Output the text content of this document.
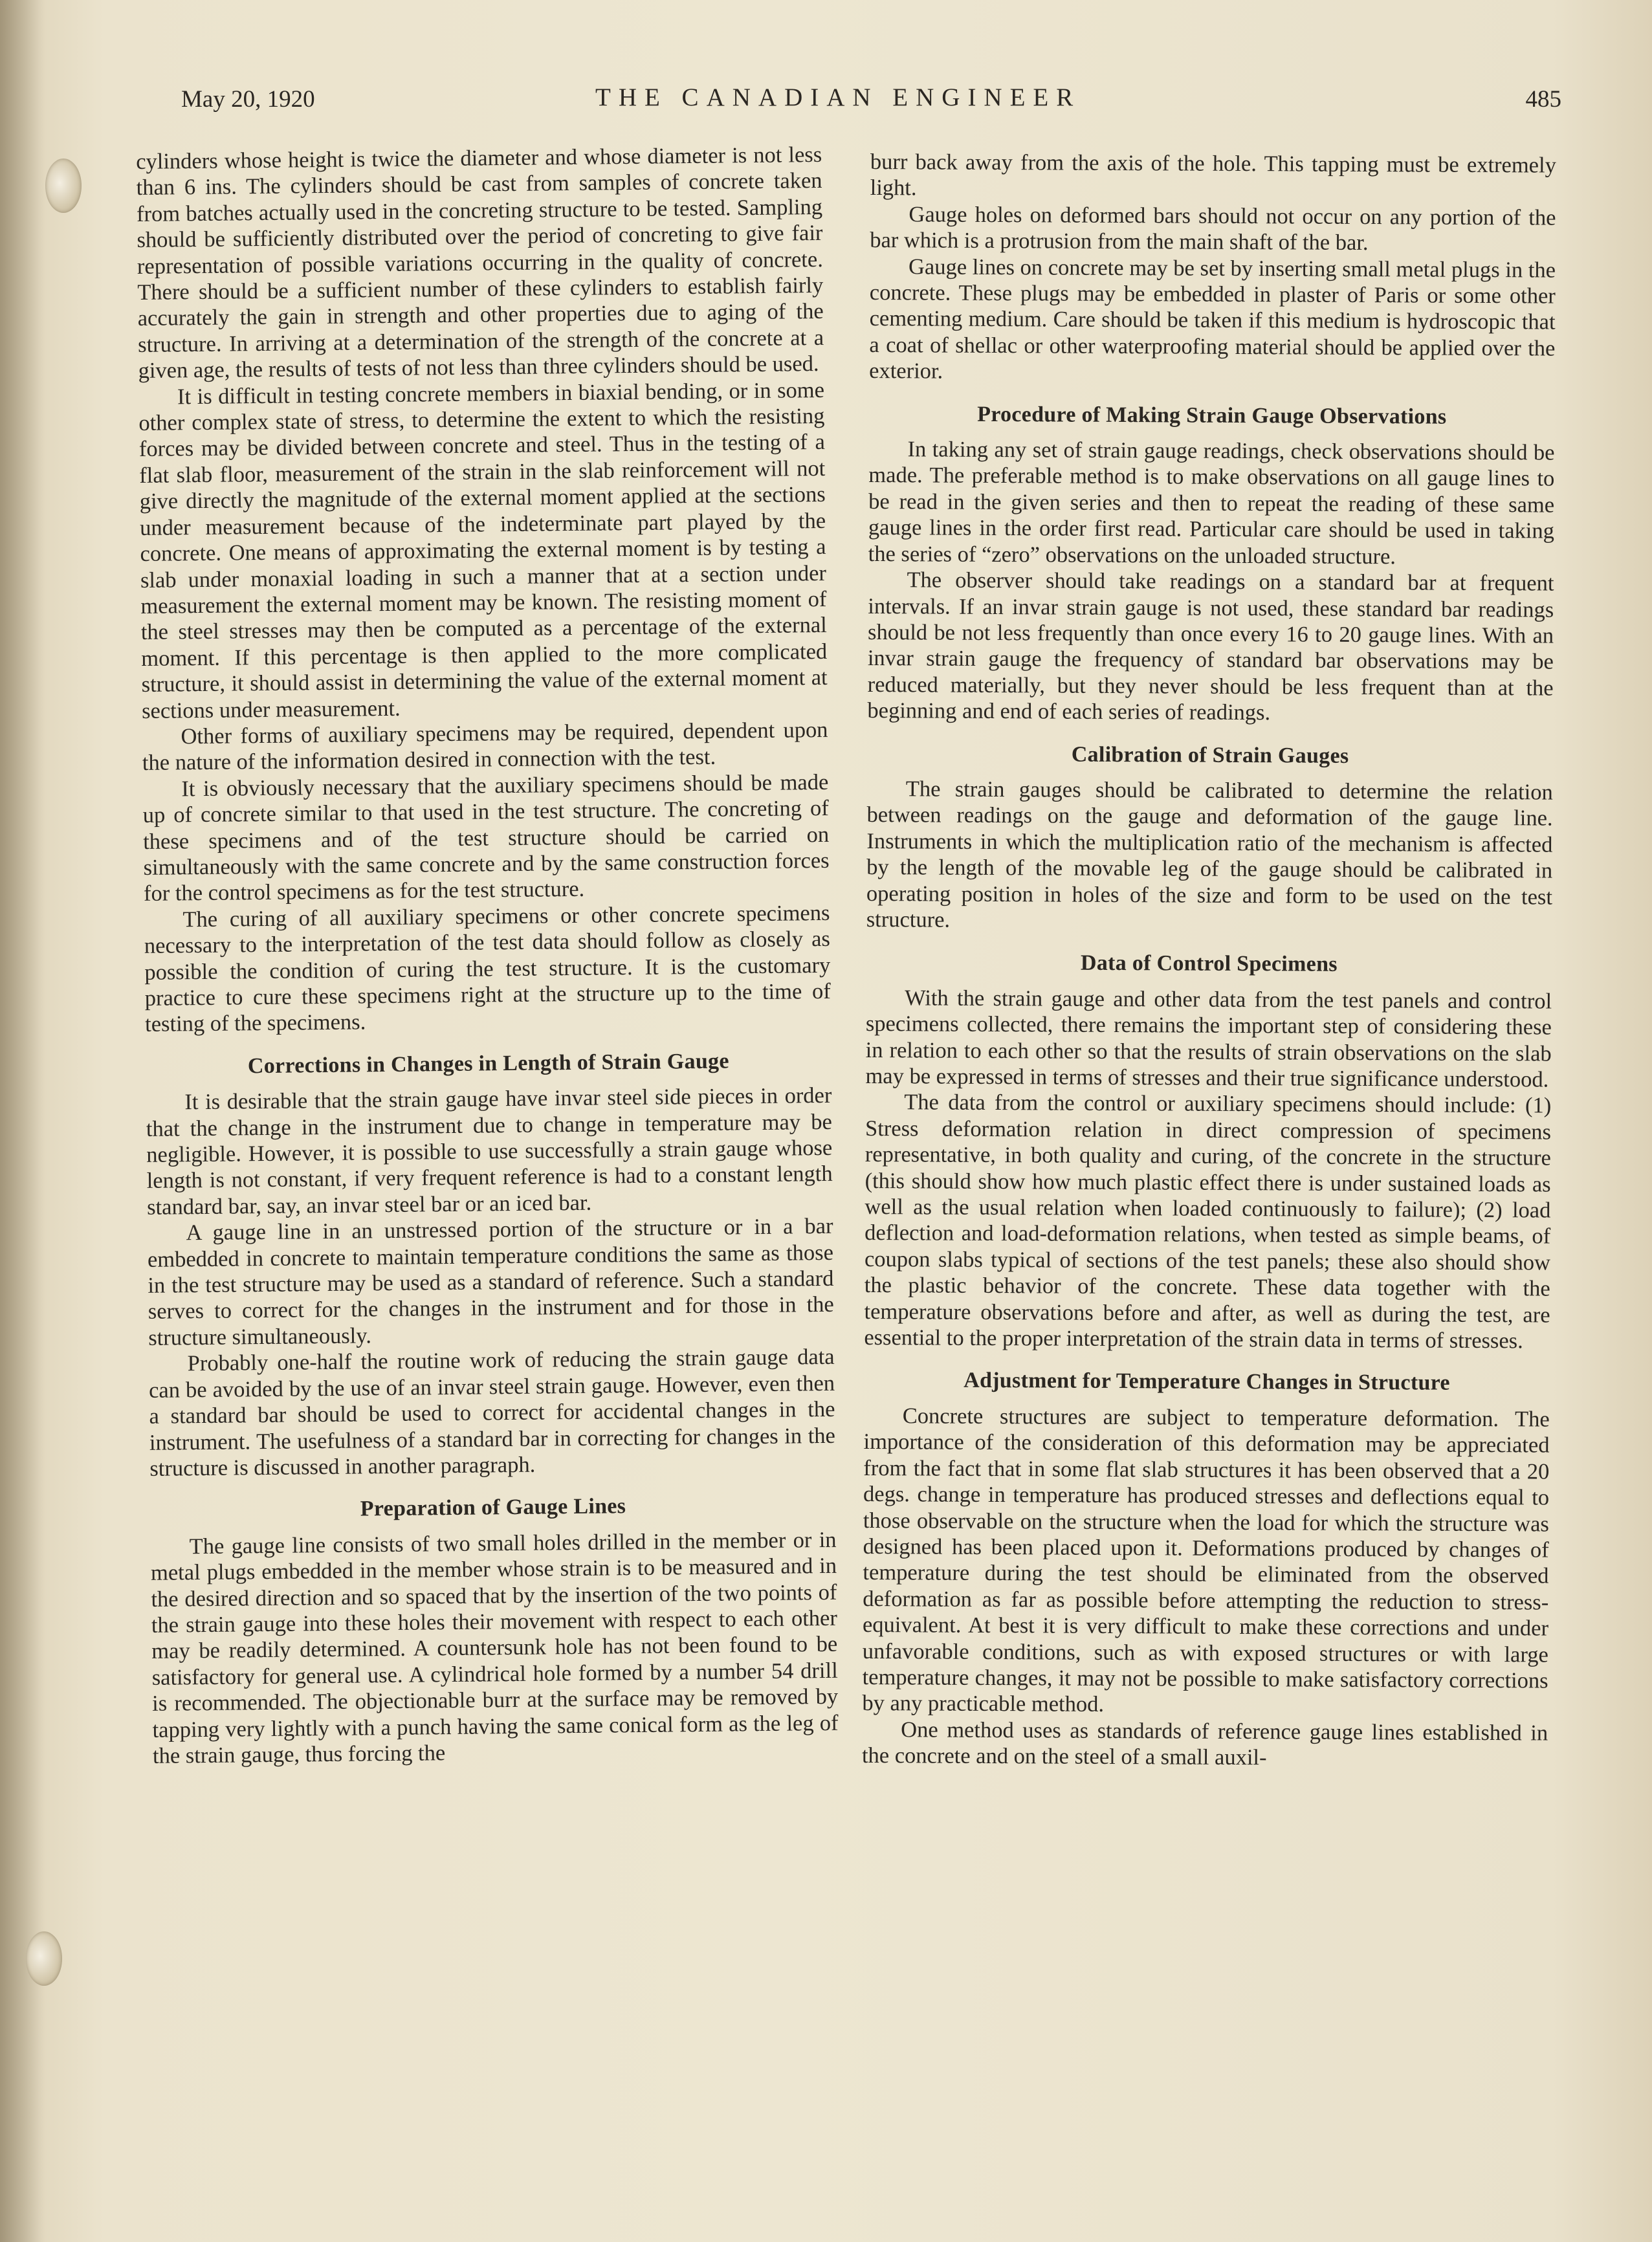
May 20, 1920	THE CANADIAN ENGINEER	485

cylinders whose height is twice the diameter and whose diameter is not less than 6 ins. The cylinders should be cast from samples of concrete taken from batches actually used in the concreting structure to be tested. Sampling should be sufficiently distributed over the period of concreting to give fair representation of possible variations occurring in the quality of concrete. There should be a sufficient number of these cylinders to establish fairly accurately the gain in strength and other properties due to aging of the structure. In arriving at a determination of the strength of the concrete at a given age, the results of tests of not less than three cylinders should be used.

It is difficult in testing concrete members in biaxial bending, or in some other complex state of stress, to determine the extent to which the resisting forces may be divided between concrete and steel. Thus in the testing of a flat slab floor, measurement of the strain in the slab reinforcement will not give directly the magnitude of the external moment applied at the sections under measurement because of the indeterminate part played by the concrete. One means of approximating the external moment is by testing a slab under monaxial loading in such a manner that at a section under measurement the external moment may be known. The resisting moment of the steel stresses may then be computed as a percentage of the external moment. If this percentage is then applied to the more complicated structure, it should assist in determining the value of the external moment at sections under measurement.

Other forms of auxiliary specimens may be required, dependent upon the nature of the information desired in connection with the test.

It is obviously necessary that the auxiliary specimens should be made up of concrete similar to that used in the test structure. The concreting of these specimens and of the test structure should be carried on simultaneously with the same concrete and by the same construction forces for the control specimens as for the test structure.

The curing of all auxiliary specimens or other concrete specimens necessary to the interpretation of the test data should follow as closely as possible the condition of curing the test structure. It is the customary practice to cure these specimens right at the structure up to the time of testing of the specimens.

Corrections in Changes in Length of Strain Gauge

It is desirable that the strain gauge have invar steel side pieces in order that the change in the instrument due to change in temperature may be negligible. However, it is possible to use successfully a strain gauge whose length is not constant, if very frequent reference is had to a constant length standard bar, say, an invar steel bar or an iced bar.

A gauge line in an unstressed portion of the structure or in a bar embedded in concrete to maintain temperature conditions the same as those in the test structure may be used as a standard of reference. Such a standard serves to correct for the changes in the instrument and for those in the structure simultaneously.

Probably one-half the routine work of reducing the strain gauge data can be avoided by the use of an invar steel strain gauge. However, even then a standard bar should be used to correct for accidental changes in the instrument. The usefulness of a standard bar in correcting for changes in the structure is discussed in another paragraph.

Preparation of Gauge Lines

The gauge line consists of two small holes drilled in the member or in metal plugs embedded in the member whose strain is to be measured and in the desired direction and so spaced that by the insertion of the two points of the strain gauge into these holes their movement with respect to each other may be readily determined. A countersunk hole has not been found to be satisfactory for general use. A cylindrical hole formed by a number 54 drill is recommended. The objectionable burr at the surface may be removed by tapping very lightly with a punch having the same conical form as the leg of the strain gauge, thus forcing the

burr back away from the axis of the hole. This tapping must be extremely light.

Gauge holes on deformed bars should not occur on any portion of the bar which is a protrusion from the main shaft of the bar.

Gauge lines on concrete may be set by inserting small metal plugs in the concrete. These plugs may be embedded in plaster of Paris or some other cementing medium. Care should be taken if this medium is hydroscopic that a coat of shellac or other waterproofing material should be applied over the exterior.

Procedure of Making Strain Gauge Observations

In taking any set of strain gauge readings, check observations should be made. The preferable method is to make observations on all gauge lines to be read in the given series and then to repeat the reading of these same gauge lines in the order first read. Particular care should be used in taking the series of “zero” observations on the unloaded structure.

The observer should take readings on a standard bar at frequent intervals. If an invar strain gauge is not used, these standard bar readings should be not less frequently than once every 16 to 20 gauge lines. With an invar strain gauge the frequency of standard bar observations may be reduced materially, but they never should be less frequent than at the beginning and end of each series of readings.

Calibration of Strain Gauges

The strain gauges should be calibrated to determine the relation between readings on the gauge and deformation of the gauge line. Instruments in which the multiplication ratio of the mechanism is affected by the length of the movable leg of the gauge should be calibrated in operating position in holes of the size and form to be used on the test structure.

Data of Control Specimens

With the strain gauge and other data from the test panels and control specimens collected, there remains the important step of considering these in relation to each other so that the results of strain observations on the slab may be expressed in terms of stresses and their true significance understood.

The data from the control or auxiliary specimens should include: (1) Stress deformation relation in direct compression of specimens representative, in both quality and curing, of the concrete in the structure (this should show how much plastic effect there is under sustained loads as well as the usual relation when loaded continuously to failure); (2) load deflection and load-deformation relations, when tested as simple beams, of coupon slabs typical of sections of the test panels; these also should show the plastic behavior of the concrete. These data together with the temperature observations before and after, as well as during the test, are essential to the proper interpretation of the strain data in terms of stresses.

Adjustment for Temperature Changes in Structure

Concrete structures are subject to temperature deformation. The importance of the consideration of this deformation may be appreciated from the fact that in some flat slab structures it has been observed that a 20 degs. change in temperature has produced stresses and deflections equal to those observable on the structure when the load for which the structure was designed has been placed upon it. Deformations produced by changes of temperature during the test should be eliminated from the observed deformation as far as possible before attempting the reduction to stress-equivalent. At best it is very difficult to make these corrections and under unfavorable conditions, such as with exposed structures or with large temperature changes, it may not be possible to make satisfactory corrections by any practicable method.

One method uses as standards of reference gauge lines established in the concrete and on the steel of a small auxil-
